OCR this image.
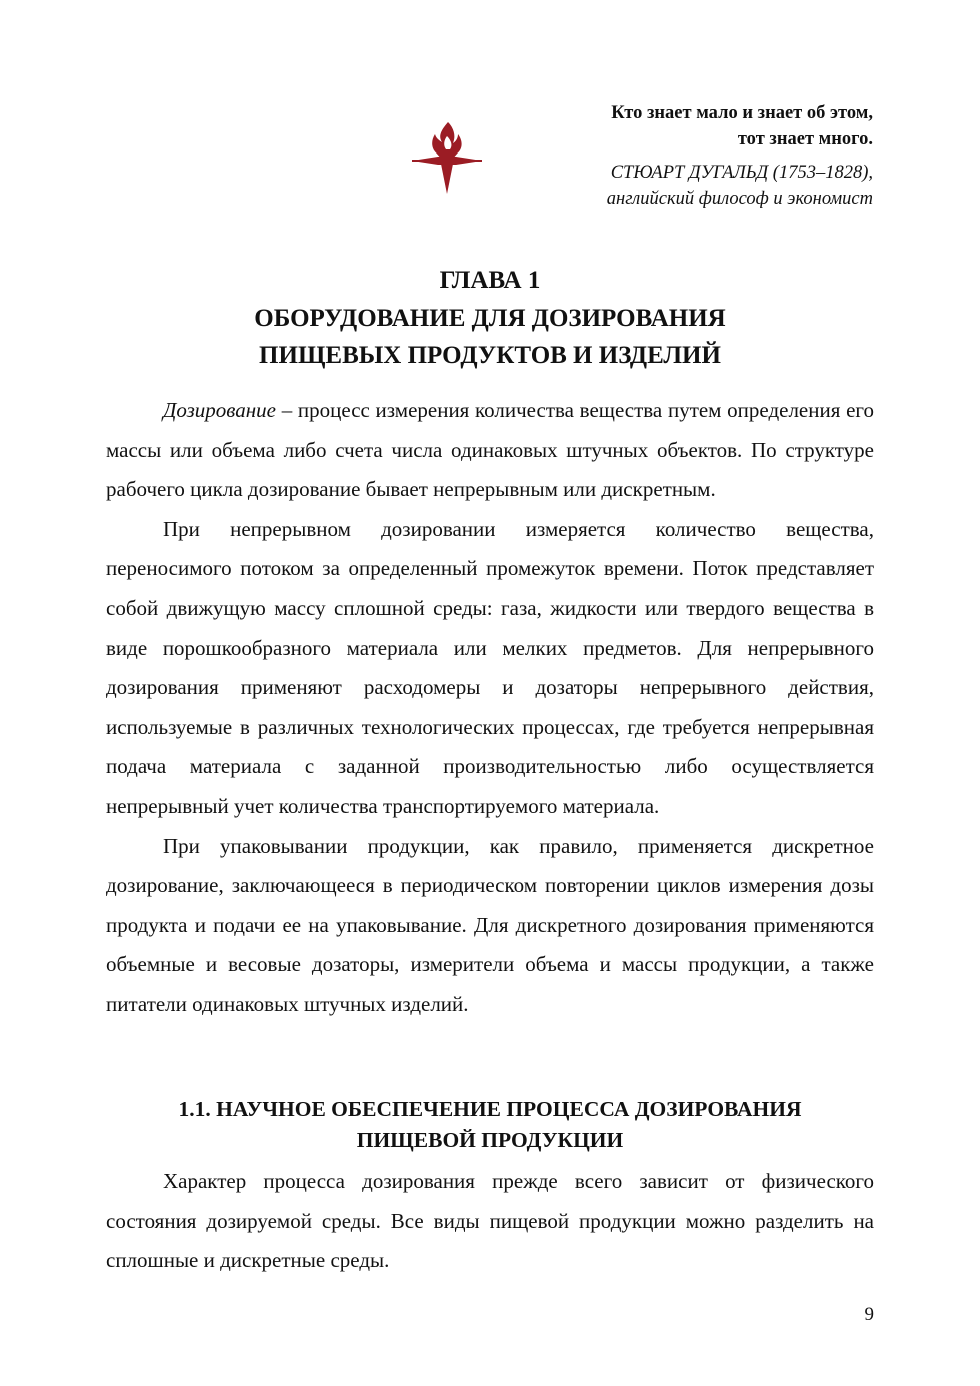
Кто знает мало и знает об этом,
тот знает много.

СТЮАРТ ДУГАЛЬД (1753–1828),
английский философ и экономист

ГЛАВА 1
ОБОРУДОВАНИЕ ДЛЯ ДОЗИРОВАНИЯ
ПИЩЕВЫХ ПРОДУКТОВ И ИЗДЕЛИЙ

Дозирование – процесс измерения количества вещества путем определения его массы или объема либо счета числа одинаковых штучных объектов. По структуре рабочего цикла дозирование бывает непрерывным или дискретным.

При непрерывном дозировании измеряется количество вещества, переносимого потоком за определенный промежуток времени. Поток представляет собой движущую массу сплошной среды: газа, жидкости или твердого вещества в виде порошкообразного материала или мелких предметов. Для непрерывного дозирования применяют расходомеры и дозаторы непрерывного действия, используемые в различных технологических процессах, где требуется непрерывная подача материала с заданной производительностью либо осуществляется непрерывный учет количества транспортируемого материала.

При упаковывании продукции, как правило, применяется дискретное дозирование, заключающееся в периодическом повторении циклов измерения дозы продукта и подачи ее на упаковывание. Для дискретного дозирования применяются объемные и весовые дозаторы, измерители объема и массы продукции, а также питатели одинаковых штучных изделий.

1.1. НАУЧНОЕ ОБЕСПЕЧЕНИЕ ПРОЦЕССА ДОЗИРОВАНИЯ
ПИЩЕВОЙ ПРОДУКЦИИ

Характер процесса дозирования прежде всего зависит от физического состояния дозируемой среды. Все виды пищевой продукции можно разделить на сплошные и дискретные среды.

9
